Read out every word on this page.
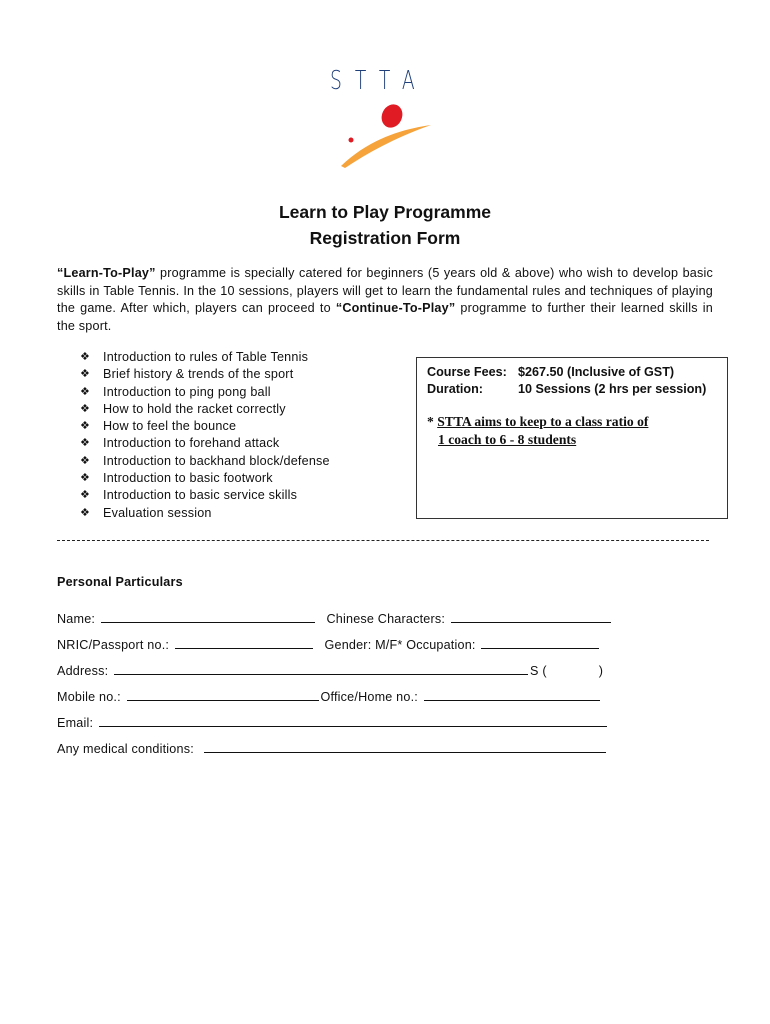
STTA
Learn to Play Programme
Registration Form
“Learn-To-Play” programme is specially catered for beginners (5 years old & above) who wish to develop basic skills in Table Tennis. In the 10 sessions, players will get to learn the fundamental rules and techniques of playing the game. After which, players can proceed to “Continue-To-Play” programme to further their learned skills in the sport.
❖	Introduction to rules of Table Tennis
❖	Brief history & trends of the sport
❖	Introduction to ping pong ball
❖	How to hold the racket correctly
❖	How to feel the bounce
❖	Introduction to forehand attack
❖	Introduction to backhand block/defense
❖	Introduction to basic footwork
❖	Introduction to basic service skills
❖	Evaluation session
Course Fees: $267.50 (Inclusive of GST)
Duration:	10 Sessions (2 hrs per session)
* STTA aims to keep to a class ratio of
1 coach to 6 - 8 students
Personal Particulars
Name:	Chinese Characters:
NRIC/Passport no.:	Gender: M/F* Occupation:
Address:	S (	)
Mobile no.:	Office/Home no.:
Email:
Any medical conditions:
